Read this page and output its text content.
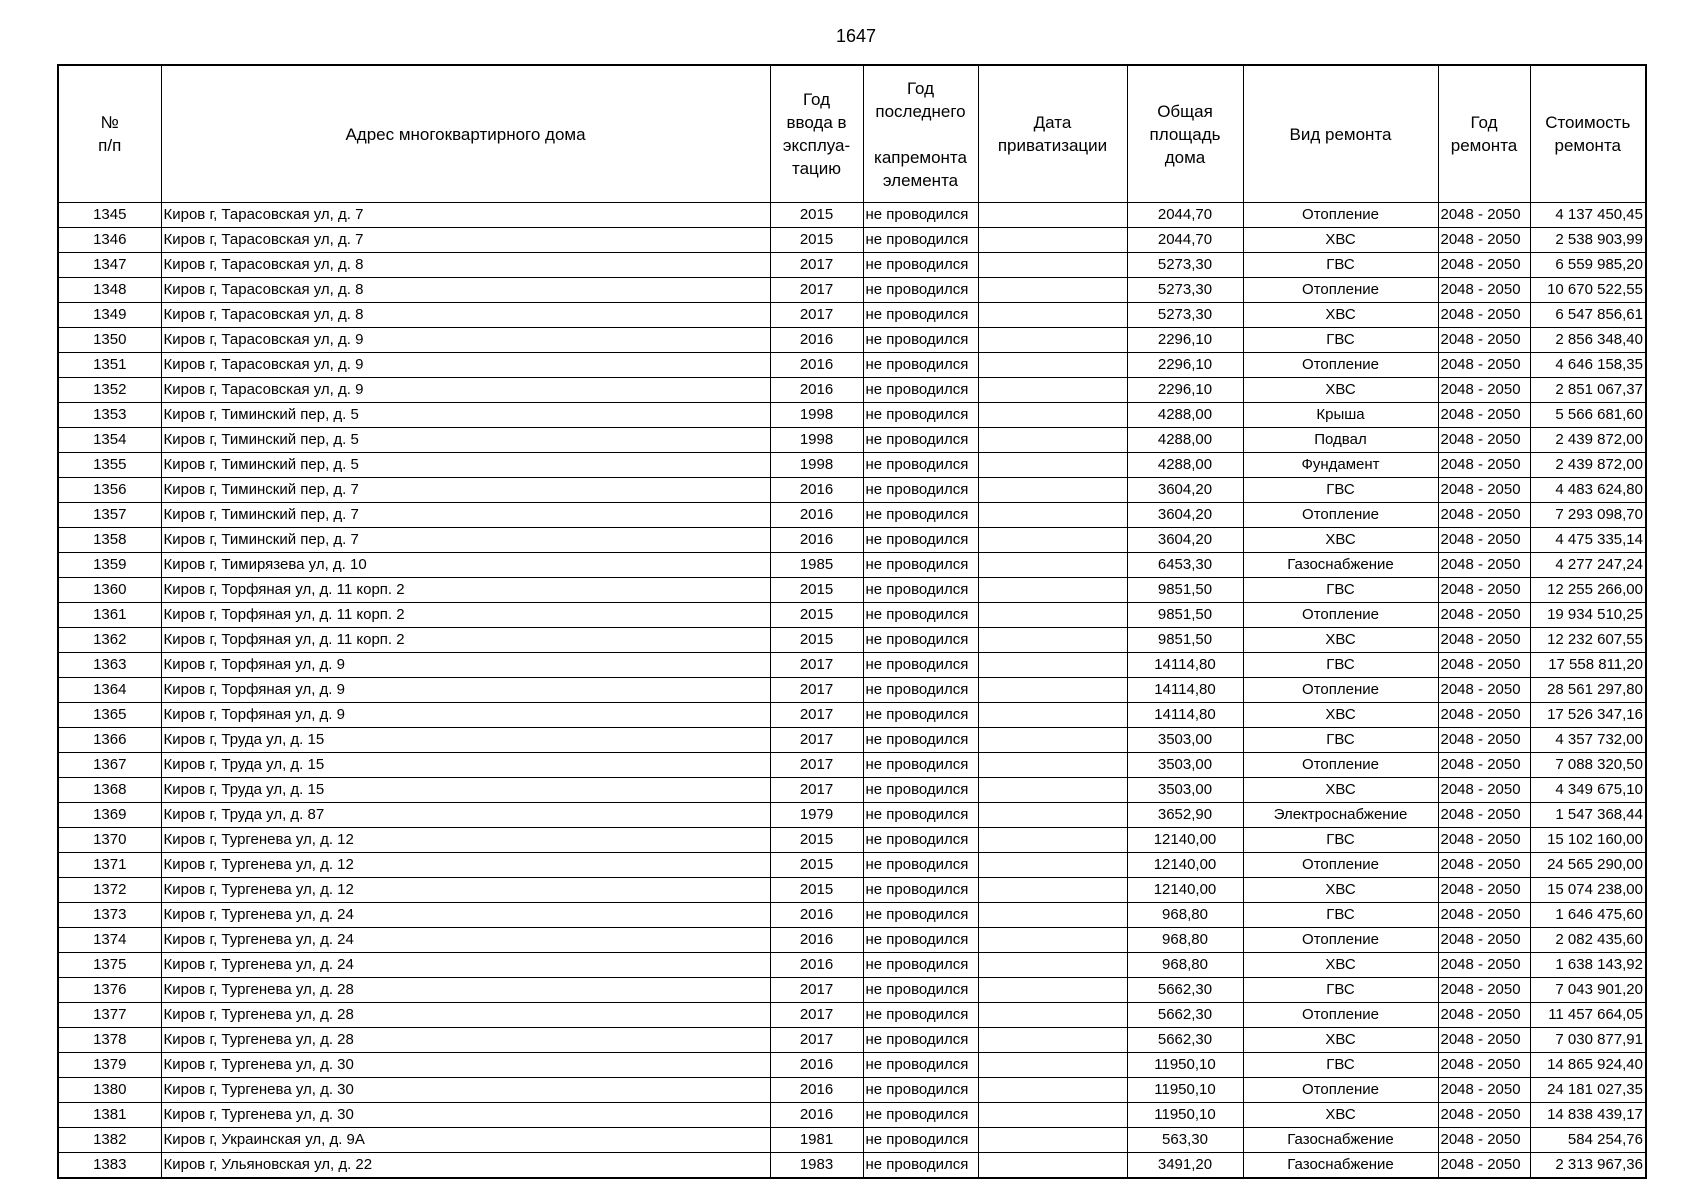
1647
№
п/п	Адрес многоквартирного дома	Год
ввода в
эксплуа-
тацию	Год
последнего
капремонта
элемента	Дата
приватизации	Общая
площадь
дома	Вид ремонта	Год
ремонта	Стоимость
ремонта

1345	Киров г, Тарасовская ул, д. 7	2015	не проводился		2044,70	Отопление	2048 - 2050	4 137 450,45
1346	Киров г, Тарасовская ул, д. 7	2015	не проводился		2044,70	ХВС	2048 - 2050	2 538 903,99
1347	Киров г, Тарасовская ул, д. 8	2017	не проводился		5273,30	ГВС	2048 - 2050	6 559 985,20
1348	Киров г, Тарасовская ул, д. 8	2017	не проводился		5273,30	Отопление	2048 - 2050	10 670 522,55
1349	Киров г, Тарасовская ул, д. 8	2017	не проводился		5273,30	ХВС	2048 - 2050	6 547 856,61
1350	Киров г, Тарасовская ул, д. 9	2016	не проводился		2296,10	ГВС	2048 - 2050	2 856 348,40
1351	Киров г, Тарасовская ул, д. 9	2016	не проводился		2296,10	Отопление	2048 - 2050	4 646 158,35
1352	Киров г, Тарасовская ул, д. 9	2016	не проводился		2296,10	ХВС	2048 - 2050	2 851 067,37
1353	Киров г, Тиминский пер, д. 5	1998	не проводился		4288,00	Крыша	2048 - 2050	5 566 681,60
1354	Киров г, Тиминский пер, д. 5	1998	не проводился		4288,00	Подвал	2048 - 2050	2 439 872,00
1355	Киров г, Тиминский пер, д. 5	1998	не проводился		4288,00	Фундамент	2048 - 2050	2 439 872,00
1356	Киров г, Тиминский пер, д. 7	2016	не проводился		3604,20	ГВС	2048 - 2050	4 483 624,80
1357	Киров г, Тиминский пер, д. 7	2016	не проводился		3604,20	Отопление	2048 - 2050	7 293 098,70
1358	Киров г, Тиминский пер, д. 7	2016	не проводился		3604,20	ХВС	2048 - 2050	4 475 335,14
1359	Киров г, Тимирязева ул, д. 10	1985	не проводился		6453,30	Газоснабжение	2048 - 2050	4 277 247,24
1360	Киров г, Торфяная ул, д. 11 корп. 2	2015	не проводился		9851,50	ГВС	2048 - 2050	12 255 266,00
1361	Киров г, Торфяная ул, д. 11 корп. 2	2015	не проводился		9851,50	Отопление	2048 - 2050	19 934 510,25
1362	Киров г, Торфяная ул, д. 11 корп. 2	2015	не проводился		9851,50	ХВС	2048 - 2050	12 232 607,55
1363	Киров г, Торфяная ул, д. 9	2017	не проводился		14114,80	ГВС	2048 - 2050	17 558 811,20
1364	Киров г, Торфяная ул, д. 9	2017	не проводился		14114,80	Отопление	2048 - 2050	28 561 297,80
1365	Киров г, Торфяная ул, д. 9	2017	не проводился		14114,80	ХВС	2048 - 2050	17 526 347,16
1366	Киров г, Труда ул, д. 15	2017	не проводился		3503,00	ГВС	2048 - 2050	4 357 732,00
1367	Киров г, Труда ул, д. 15	2017	не проводился		3503,00	Отопление	2048 - 2050	7 088 320,50
1368	Киров г, Труда ул, д. 15	2017	не проводился		3503,00	ХВС	2048 - 2050	4 349 675,10
1369	Киров г, Труда ул, д. 87	1979	не проводился		3652,90	Электроснабжение	2048 - 2050	1 547 368,44
1370	Киров г, Тургенева ул, д. 12	2015	не проводился		12140,00	ГВС	2048 - 2050	15 102 160,00
1371	Киров г, Тургенева ул, д. 12	2015	не проводился		12140,00	Отопление	2048 - 2050	24 565 290,00
1372	Киров г, Тургенева ул, д. 12	2015	не проводился		12140,00	ХВС	2048 - 2050	15 074 238,00
1373	Киров г, Тургенева ул, д. 24	2016	не проводился		968,80	ГВС	2048 - 2050	1 646 475,60
1374	Киров г, Тургенева ул, д. 24	2016	не проводился		968,80	Отопление	2048 - 2050	2 082 435,60
1375	Киров г, Тургенева ул, д. 24	2016	не проводился		968,80	ХВС	2048 - 2050	1 638 143,92
1376	Киров г, Тургенева ул, д. 28	2017	не проводился		5662,30	ГВС	2048 - 2050	7 043 901,20
1377	Киров г, Тургенева ул, д. 28	2017	не проводился		5662,30	Отопление	2048 - 2050	11 457 664,05
1378	Киров г, Тургенева ул, д. 28	2017	не проводился		5662,30	ХВС	2048 - 2050	7 030 877,91
1379	Киров г, Тургенева ул, д. 30	2016	не проводился		11950,10	ГВС	2048 - 2050	14 865 924,40
1380	Киров г, Тургенева ул, д. 30	2016	не проводился		11950,10	Отопление	2048 - 2050	24 181 027,35
1381	Киров г, Тургенева ул, д. 30	2016	не проводился		11950,10	ХВС	2048 - 2050	14 838 439,17
1382	Киров г, Украинская ул, д. 9А	1981	не проводился		563,30	Газоснабжение	2048 - 2050	584 254,76
1383	Киров г, Ульяновская ул, д. 22	1983	не проводился		3491,20	Газоснабжение	2048 - 2050	2 313 967,36
